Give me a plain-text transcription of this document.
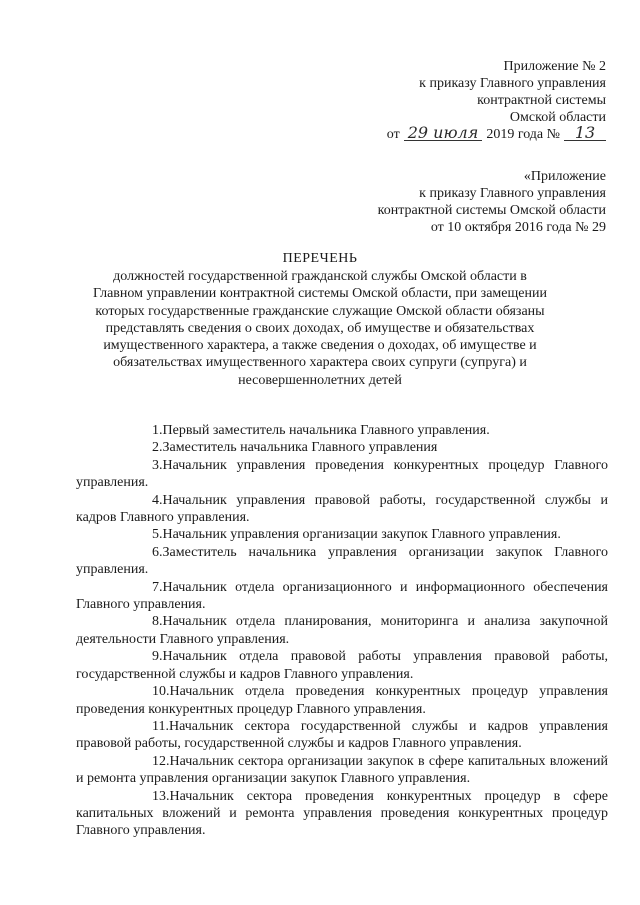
Приложение № 2
к приказу Главного управления
контрактной системы
Омской области
от 29 июля 2019 года № 13
«Приложение
к приказу Главного управления
контрактной системы Омской области
от 10 октября 2016 года № 29
ПЕРЕЧЕНЬ
должностей государственной гражданской службы Омской области в Главном управлении контрактной системы Омской области, при замещении которых государственные гражданские служащие Омской области обязаны представлять сведения о своих доходах, об имуществе и обязательствах имущественного характера, а также сведения о доходах, об имуществе и обязательствах имущественного характера своих супруги (супруга) и несовершеннолетних детей

1.Первый заместитель начальника Главного управления.

2.Заместитель начальника Главного управления

3.Начальник управления проведения конкурентных процедур Главного управления.

4.Начальник управления правовой работы, государственной службы и кадров Главного управления.

5.Начальник управления организации закупок Главного управления.

6.Заместитель начальника управления организации закупок Главного управления.

7.Начальник отдела организационного и информационного обеспечения Главного управления.

8.Начальник отдела планирования, мониторинга и анализа закупочной деятельности Главного управления.

9.Начальник отдела правовой работы управления правовой работы, государственной службы и кадров Главного управления.

10.Начальник отдела проведения конкурентных процедур управления проведения конкурентных процедур Главного управления.

11.Начальник сектора государственной службы и кадров управления правовой работы, государственной службы и кадров Главного управления.

12.Начальник сектора организации закупок в сфере капитальных вложений и ремонта управления организации закупок Главного управления.

13.Начальник сектора проведения конкурентных процедур в сфере капитальных вложений и ремонта управления проведения конкурентных процедур Главного управления.
